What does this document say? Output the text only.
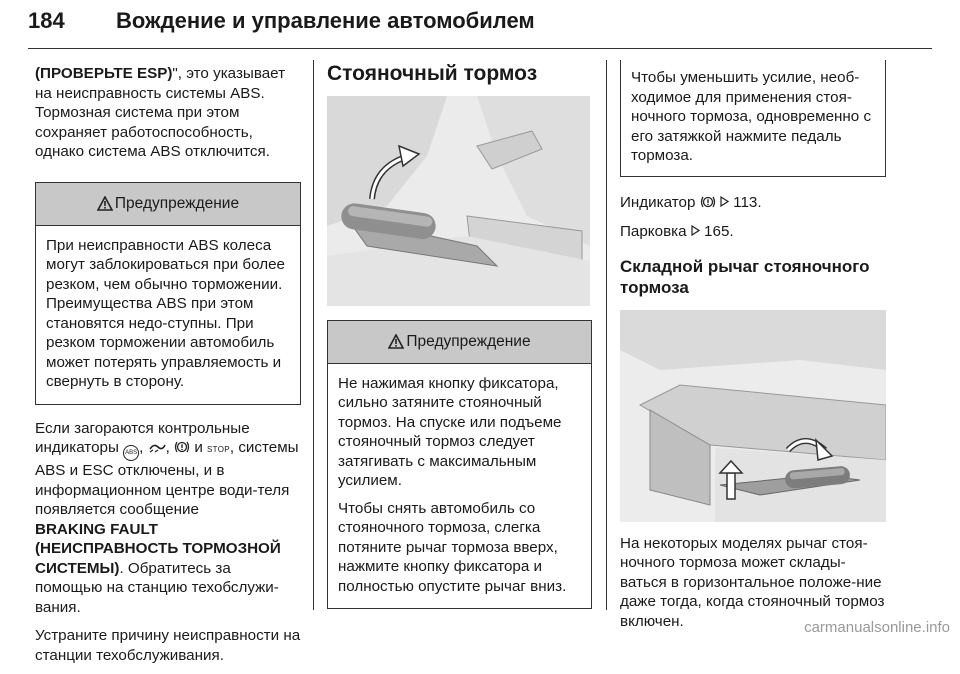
184 Вождение и управление автомобилем

(ПРОВЕРЬТЕ ESP)", это указывает на неисправность системы ABS. Тормозная система при этом сохраняет работоспособность, однако система ABS отключится.

Предупреждение

При неисправности ABS колеса могут заблокироваться при более резком, чем обычно торможении. Преимущества ABS при этом становятся недо-ступны. При резком торможении автомобиль может потерять управляемость и свернуть в сторону.

Если загораются контрольные индикаторы ABS , , и STOP, системы ABS и ESC отключены, и в информационном центре води-теля появляется сообщение
BRAKING FAULT
(НЕИСПРАВНОСТЬ ТОРМОЗНОЙ СИСТЕМЫ). Обратитесь за помощью на станцию техобслужи-вания.

Устраните причину неисправности на станции техобслуживания.

Стояночный тормоз
Предупреждение

Не нажимая кнопку фиксатора, сильно затяните стояночный тормоз. На спуске или подъеме стояночный тормоз следует затягивать с максимальным усилием.

Чтобы снять автомобиль со стояночного тормоза, слегка потяните рычаг тормоза вверх, нажмите кнопку фиксатора и полностью опустите рычаг вниз.

Чтобы уменьшить усилие, необ-ходимое для применения стоя-ночного тормоза, одновременно с его затяжкой нажмите педаль тормоза.

Индикатор 113.

Парковка 165.

Складной рычаг стояночного тормоза

На некоторых моделях рычаг стоя-ночного тормоза может склады-ваться в горизонтальное положе-ние даже тогда, когда стояночный тормоз включен.	carmanualsonline.info
